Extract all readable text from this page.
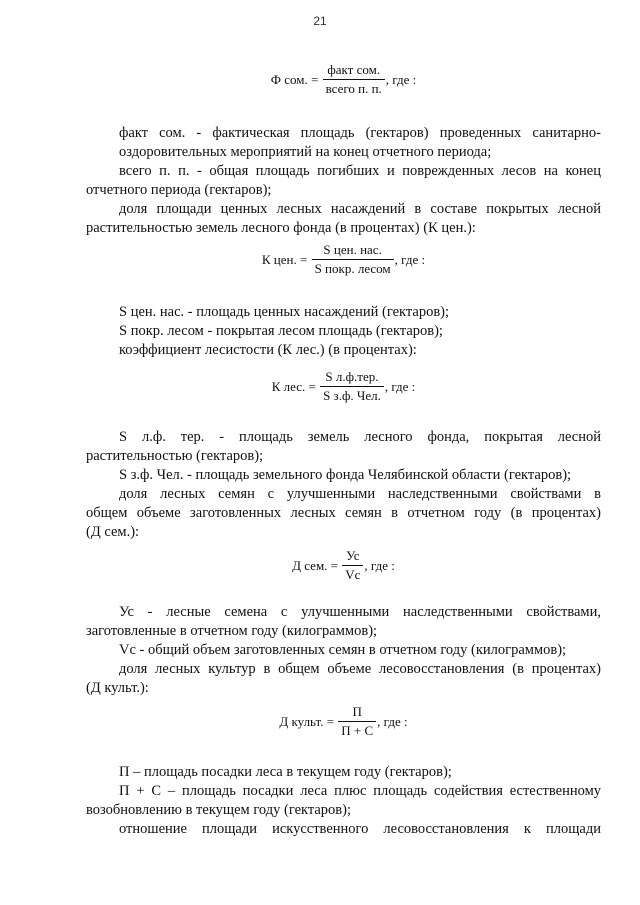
21
Ф сом. = $\frac{\text{факт сом.}}{\text{всего п. п.}}$ , где :
факт сом. - фактическая площадь (гектаров) проведенных санитарно-
оздоровительных мероприятий на конец отчетного периода;
всего п. п. - общая площадь погибших и поврежденных лесов на конец
отчетного периода (гектаров);
доля площади ценных лесных насаждений в составе покрытых лесной
растительностью земель лесного фонда (в процентах) (К цен.):
К цен. = $\frac{\text{S цен. нас.}}{\text{S покр. лесом}}$ , где :
S цен. нас. - площадь ценных насаждений (гектаров);
S покр. лесом - покрытая лесом площадь (гектаров);
коэффициент лесистости (К лес.) (в процентах):
К лес. = $\frac{\text{S л.ф.тер.}}{\text{S з.ф. Чел.}}$ , где :
S л.ф. тер. - площадь земель лесного фонда, покрытая лесной
растительностью (гектаров);
S з.ф. Чел. - площадь земельного фонда Челябинской области (гектаров);
доля лесных семян с улучшенными наследственными свойствами в
общем объеме заготовленных лесных семян в отчетном году (в процентах)
(Д сем.):
Д сем. = $\frac{Ус}{Vc}$ , где :
Ус - лесные семена с улучшенными наследственными свойствами,
заготовленные в отчетном году (килограммов);
Vc - общий объем заготовленных семян в отчетном году (килограммов);
доля лесных культур в общем объеме лесовосстановления (в процентах)
(Д культ.):
Д культ. = $\frac{П}{П + С}$ , где :
П – площадь посадки леса в текущем году (гектаров);
П + С – площадь посадки леса плюс площадь содействия естественному
возобновлению в текущем году (гектаров);
отношение площади искусственного лесовосстановления к площади
